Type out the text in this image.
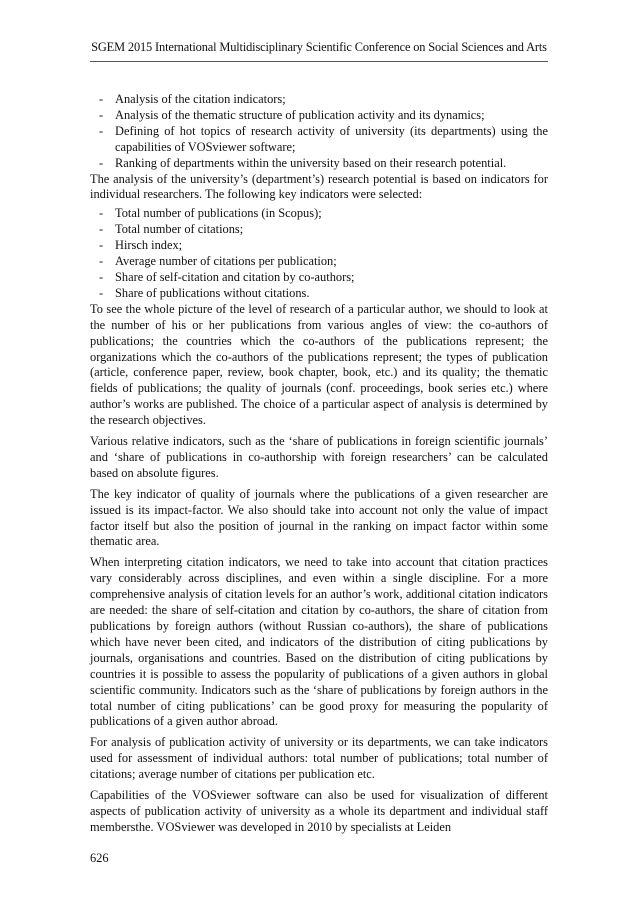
SGEM 2015 International Multidisciplinary Scientific Conference on Social Sciences and Arts
- Analysis of the citation indicators;
- Analysis of the thematic structure of publication activity and its dynamics;
- Defining of hot topics of research activity of university (its departments) using the capabilities of VOSviewer software;
- Ranking of departments within the university based on their research potential.

The analysis of the university’s (department’s) research potential is based on indicators for individual researchers. The following key indicators were selected:

- Total number of publications (in Scopus);
- Total number of citations;
- Hirsch index;
- Average number of citations per publication;
- Share of self-citation and citation by co-authors;
- Share of publications without citations.

To see the whole picture of the level of research of a particular author, we should to look at the number of his or her publications from various angles of view: the co-authors of publications; the countries which the co-authors of the publications represent; the organizations which the co-authors of the publications represent; the types of publication (article, conference paper, review, book chapter, book, etc.) and its quality; the thematic fields of publications; the quality of journals (conf. proceedings, book series etc.) where author’s works are published. The choice of a particular aspect of analysis is determined by the research objectives.

Various relative indicators, such as the ‘share of publications in foreign scientific journals’ and ‘share of publications in co-authorship with foreign researchers’ can be calculated based on absolute figures.

The key indicator of quality of journals where the publications of a given researcher are issued is its impact-factor. We also should take into account not only the value of impact factor itself but also the position of journal in the ranking on impact factor within some thematic area.

When interpreting citation indicators, we need to take into account that citation practices vary considerably across disciplines, and even within a single discipline. For a more comprehensive analysis of citation levels for an author’s work, additional citation indicators are needed: the share of self-citation and citation by co-authors, the share of citation from publications by foreign authors (without Russian co-authors), the share of publications which have never been cited, and indicators of the distribution of citing publications by journals, organisations and countries. Based on the distribution of citing publications by countries it is possible to assess the popularity of publications of a given authors in global scientific community. Indicators such as the ‘share of publications by foreign authors in the total number of citing publications’ can be good proxy for measuring the popularity of publications of a given author abroad.

For analysis of publication activity of university or its departments, we can take indicators used for assessment of individual authors: total number of publications; total number of citations; average number of citations per publication etc.

Capabilities of the VOSviewer software can also be used for visualization of different aspects of publication activity of university as a whole its department and individual staff membersthe. VOSviewer was developed in 2010 by specialists at Leiden

626
